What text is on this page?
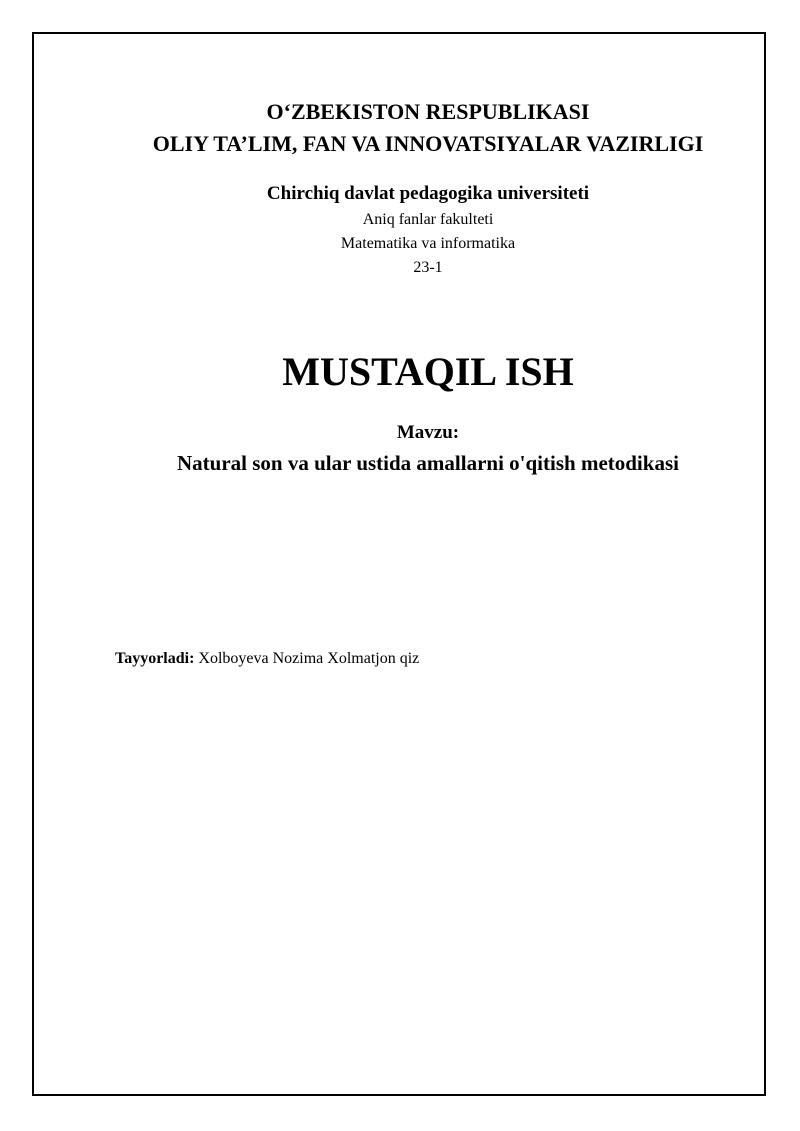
O‘ZBEKISTON RESPUBLIKASI
OLIY TA’LIM, FAN VA INNOVATSIYALAR VAZIRLIGI
Chirchiq davlat pedagogika universiteti
Aniq fanlar fakulteti
Matematika va informatika
23-1
MUSTAQIL ISH
Mavzu:
Natural son va ular ustida amallarni o'qitish metodikasi
Tayyorladi: Xolboyeva Nozima Xolmatjon qiz
